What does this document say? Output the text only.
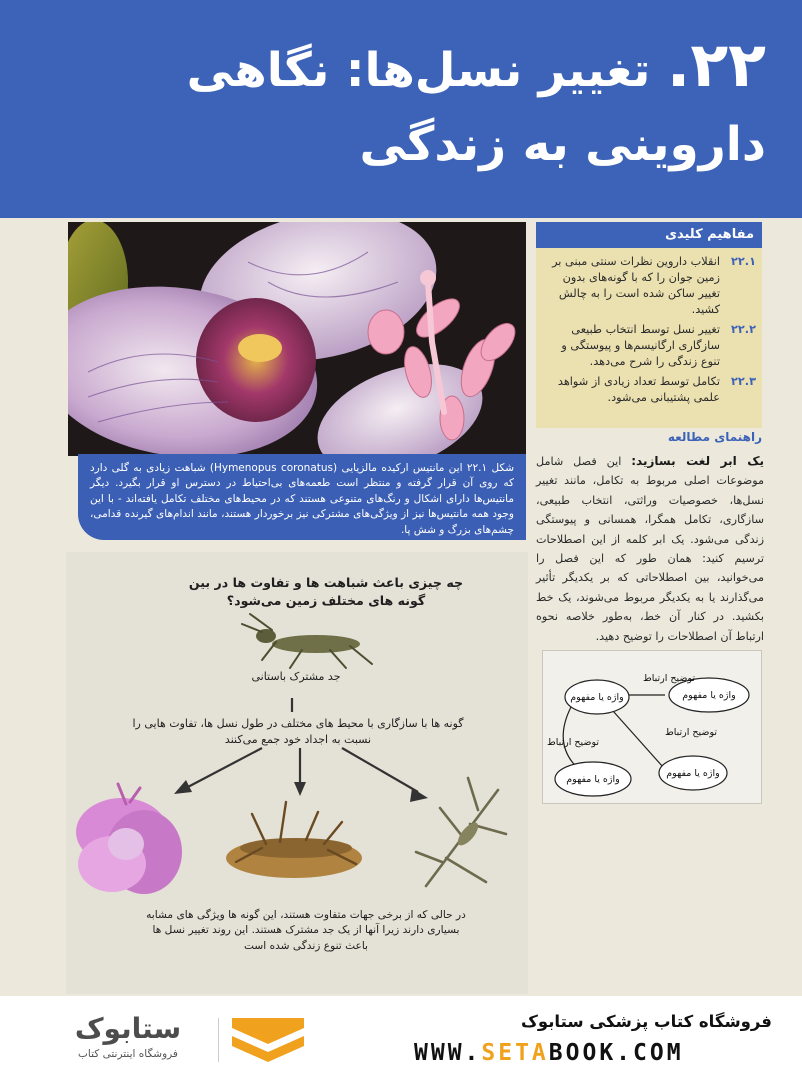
۲۲. تغییر نسل‌ها: نگاهی داروینی به زندگی
شکل ۲۲.۱ این مانتیس ارکیده مالزیایی (Hymenopus coronatus) شباهت زیادی به گلی دارد که روی آن قرار گرفته و منتظر است طعمه‌های بی‌احتیاط در دسترس او قرار بگیرد. دیگر مانتیس‌ها دارای اشکال و رنگ‌های متنوعی هستند که در محیط‌های مختلف تکامل یافته‌اند - با این وجود همه مانتیس‌ها نیز از ویژگی‌های مشترکی نیز برخوردار هستند، مانند اندام‌های گیرنده قدامی، چشم‌های بزرگ و شش پا.
مفاهیم کلیدی
۲۲.۱
انقلاب داروین نظرات سنتی مبنی بر زمین جوان را که با گونه‌های بدون تغییر ساکن شده است را به چالش کشید.
۲۲.۲
تغییر نسل توسط انتخاب طبیعی سازگاری ارگانیسم‌ها و پیوستگی و تنوع زندگی را شرح می‌دهد.
۲۲.۳
تکامل توسط تعداد زیادی از شواهد علمی پشتیبانی می‌شود.
راهنمای مطالعه

یک ابر لغت بسازید: این فصل شامل موضوعات اصلی مربوط به تکامل، مانند تغییر نسل‌ها، خصوصیات وراثتی، انتخاب طبیعی، سازگاری، تکامل همگرا، همسانی و پیوستگی زندگی می‌شود. یک ابر کلمه از این اصطلاحات ترسیم کنید: همان طور که این فصل را می‌خوانید، بین اصطلاحاتی که بر یکدیگر تأثیر می‌گذارند یا به یکدیگر مربوط می‌شوند، یک خط بکشید. در کنار آن خط، به‌طور خلاصه نحوه ارتباط آن اصطلاحات را توضیح دهید.

واژه یا مفهوم	واژه یا مفهوم
واژه یا مفهوم
واژه یا مفهوم
توضیح ارتباط
توضیح ارتباط
توضیح ارتباط
چه چیزی باعث شباهت ها و تفاوت ها در بین گونه های مختلف زمین می‌شود؟
جد مشترک باستانی
گونه ها با سازگاری با محیط های مختلف در طول نسل ها، تفاوت هایی را نسبت به اجداد خود جمع می‌کنند
در حالی که از برخی جهات متفاوت هستند، این گونه ها ویژگی های مشابه بسیاری دارند زیرا آنها از یک جد مشترک هستند. این روند تغییر نسل ها باعث تنوع زندگی شده است
فروشگاه کتاب پزشکی ستابوک
WWW.SETABOOK.COM
ستابوک
فروشگاه اینترنتی کتاب
